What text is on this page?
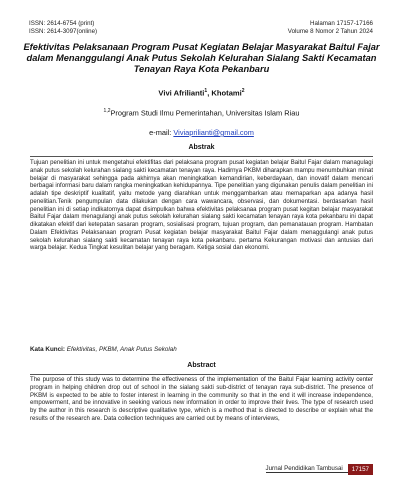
ISSN: 2614-6754 (print)
ISSN: 2614-3097(online)
Halaman 17157-17166
Volume 8 Nomor 2 Tahun 2024
Efektivitas Pelaksanaan Program Pusat Kegiatan Belajar Masyarakat Baitul Fajar dalam Menanggulangi Anak Putus Sekolah Kelurahan Sialang Sakti Kecamatan Tenayan Raya Kota Pekanbaru
Vivi Afrilianti$^1$, Khotami$^2$
$^{1,2}$Program Studi Ilmu Pemerintahan, Universitas Islam Riau
e-mail: Viviaprilianti@gmail.com
Abstrak
Tujuan penelitian ini untuk mengetahui efektifitas dari pelaksana program pusat kegiatan belajar Baitul Fajar dalam managulagi anak putus sekolah kelurahan sialang sakti kecamatan tenayan raya. Hadirnya PKBM diharapkan mampu menumbuhkan minat belajar di masyarakat sehingga pada akhirnya akan meningkatkan kemandirian, keberdayaan, dan inovatif dalam mencari berbagai informasi baru dalam rangka meningkatkan kehidupannya. Tipe penelitian yang digunakan penulis dalam penelitian ini adalah tipe deskriptif kualitatif, yaitu metode yang diarahkan untuk menggambarkan atau memaparkan apa adanya hasil penelitian.Tenik pengumpulan data dilakukan dengan cara wawancara, observasi, dan dokumentasi. berdasarkan hasil penelitian ini di setiap indikatornya dapat disimpulkan bahwa efektivitas pelaksanaa program pusat kegitan belajar masyarakat Baitul Fajar dalam menagulangi anak putus sekolah kelurahan sialang sakti kecamatan tenayan raya kota pekanbaru ini dapat dikatakan efektif dari ketepatan sasaran program, sosialisasi program, tujuan program, dan pemanatauan program. Hambatan Dalam Efektivitas Pelaksanaan program Pusat kegiatan belajar masyarakat Baitul Fajar dalam menaggulangi anak putus sekolah kelurahan sialang sakti kecamatan tenayan raya kota pekanbaru. pertama Kekurangan motivasi dan antusias dari warga belajar. Kedua Tingkat kesulitan belajar yang beragam. Ketiga sosial dan ekonomi.
Kata Kunci: Efektivitas, PKBM, Anak Putus Sekolah
Abstract
The purpose of this study was to determine the effectiveness of the implementation of the Baitul Fajar learning activity center program in helping children drop out of school in the sialang sakti sub-district of tenayan raya sub-district. The presence of PKBM is expected to be able to foster interest in learning in the community so that in the end it will increase independence, empowerment, and be innovative in seeking various new information in order to improve their lives. The type of research used by the author in this research is descriptive qualitative type, which is a method that is directed to describe or explain what the results of the research are. Data collection techniques are carried out by means of interviews,
Jurnal Pendidikan Tambusai	17157
